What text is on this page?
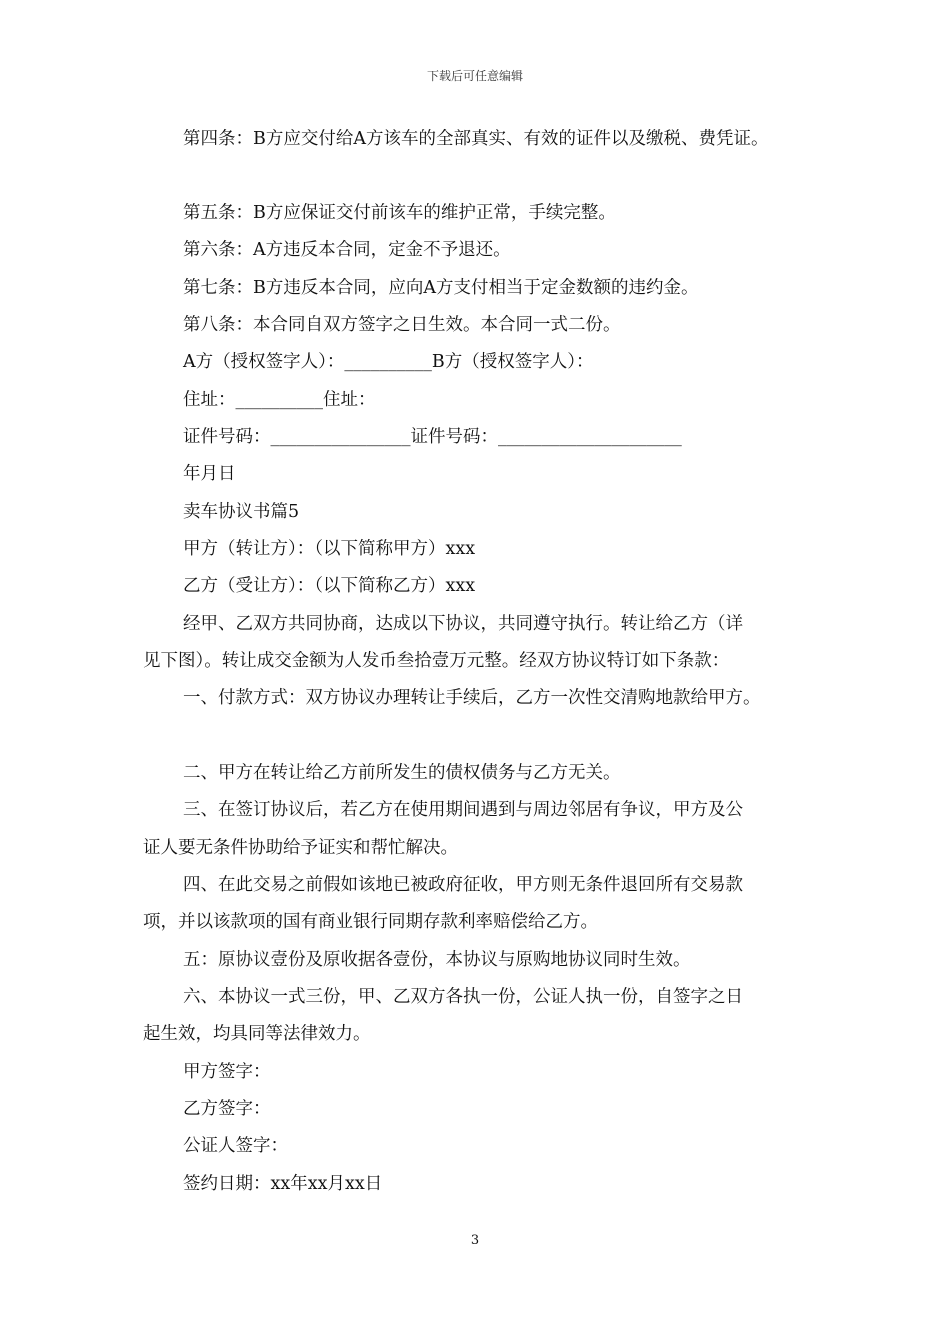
下载后可任意编辑
第四条：B方应交付给A方该车的全部真实、有效的证件以及缴税、费凭证。
第五条：B方应保证交付前该车的维护正常，手续完整。
第六条：A方违反本合同，定金不予退还。
第七条：B方违反本合同，应向A方支付相当于定金数额的违约金。
第八条：本合同自双方签字之日生效。本合同一式二份。
A方（授权签字人）：__________B方（授权签字人）：
住址：__________住址：
证件号码：________________证件号码：_____________________
年月日
卖车协议书篇5
甲方（转让方）：（以下简称甲方）xxx
乙方（受让方）：（以下简称乙方）xxx
经甲、乙双方共同协商，达成以下协议，共同遵守执行。转让给乙方（详
见下图）。转让成交金额为人发币叁拾壹万元整。经双方协议特订如下条款：
一、付款方式：双方协议办理转让手续后，乙方一次性交清购地款给甲方。
二、甲方在转让给乙方前所发生的债权债务与乙方无关。
三、在签订协议后，若乙方在使用期间遇到与周边邻居有争议，甲方及公
证人要无条件协助给予证实和帮忙解决。
四、在此交易之前假如该地已被政府征收，甲方则无条件退回所有交易款
项，并以该款项的国有商业银行同期存款利率赔偿给乙方。
五：原协议壹份及原收据各壹份，本协议与原购地协议同时生效。
六、本协议一式三份，甲、乙双方各执一份，公证人执一份，自签字之日
起生效，均具同等法律效力。
甲方签字：
乙方签字：
公证人签字：
签约日期：xx年xx月xx日
3
